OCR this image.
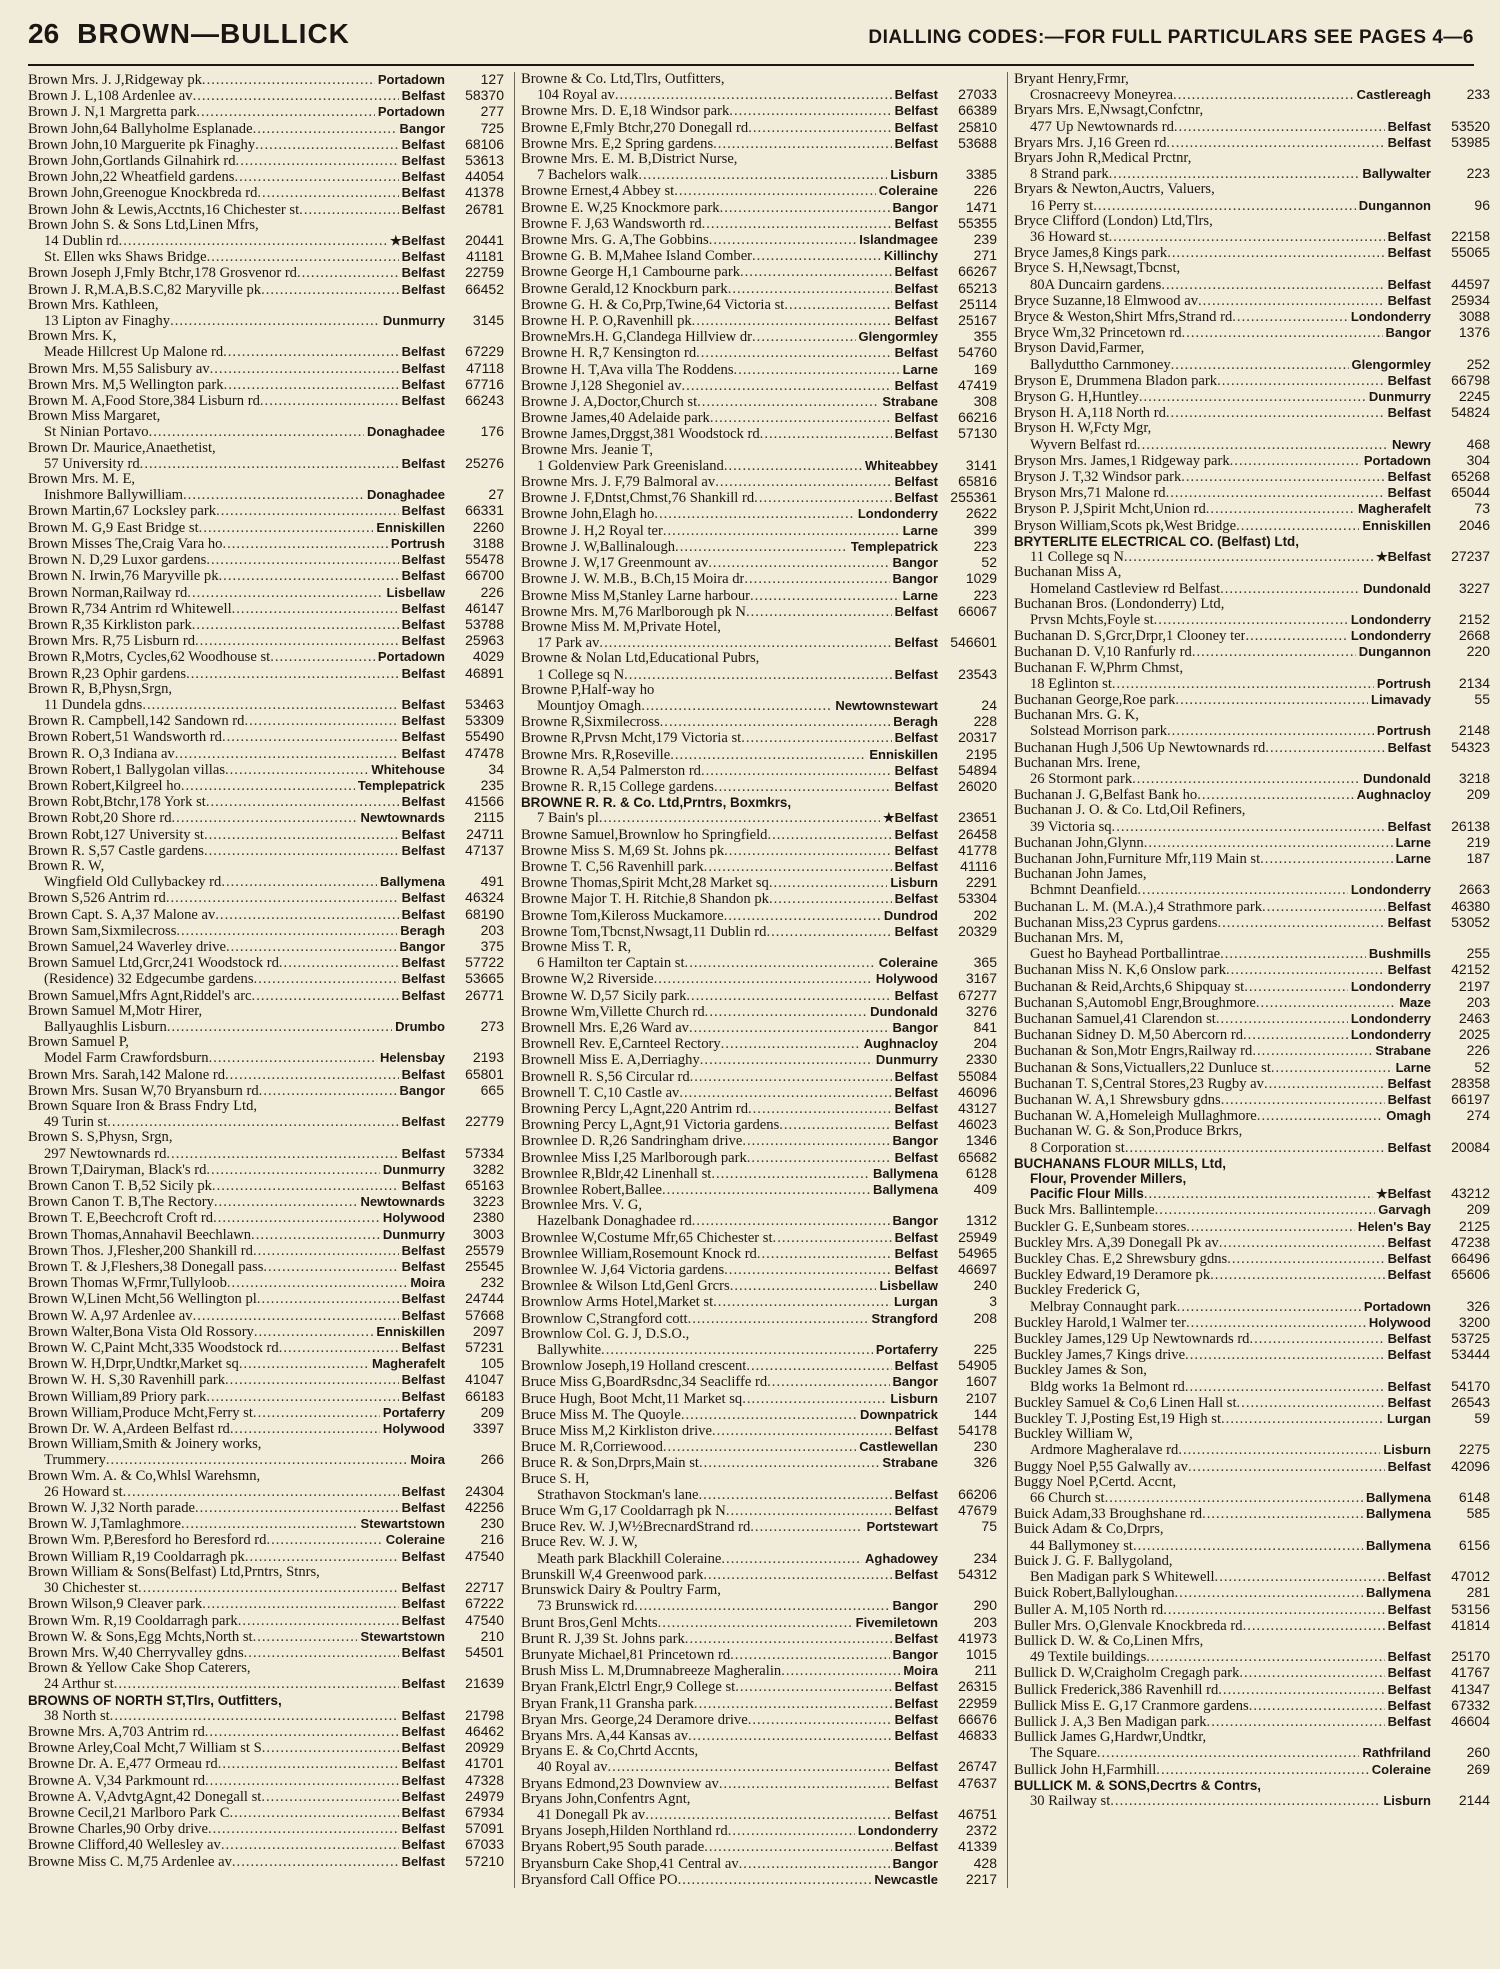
26 BROWN—BULLICK	DIALLING CODES:—FOR FULL PARTICULARS SEE PAGES 4—6
Brown Mrs. J. J,Ridgeway pk .....	Portadown	127
Brown J. L,108 Ardenlee av .....	Belfast	58370
Brown J. N,1 Margretta park .....	Portadown	277
Brown John,64 Ballyholme Esplanade .....	Bangor	725
Brown John,10 Marguerite pk Finaghy .....	Belfast	68106
Brown John,Gortlands Gilnahirk rd .....	Belfast	53613
Brown John,22 Wheatfield gardens .....	Belfast	44054
Brown John,Greenogue Knockbreda rd .....	Belfast	41378
Brown John & Lewis,Acctnts,16 Chichester st .....	Belfast	26781
Brown John S. & Sons Ltd,Linen Mfrs,
14 Dublin rd .....	★ Belfast	20441
St. Ellen wks Shaws Bridge .....	Belfast	41181
Brown Joseph J,Fmly Btchr,178 Grosvenor rd .....	Belfast	22759
Brown J. R,M.A,B.S.C,82 Maryville pk .....	Belfast	66452
Brown Mrs. Kathleen,
13 Lipton av Finaghy .....	Dunmurry	3145
Brown Mrs. K,
Meade Hillcrest Up Malone rd .....	Belfast	67229
Brown Mrs. M,55 Salisbury av .....	Belfast	47118
Brown Mrs. M,5 Wellington park .....	Belfast	67716
Brown M. A,Food Store,384 Lisburn rd .....	Belfast	66243
Brown Miss Margaret,
St Ninian Portavo .....	Donaghadee	176
Brown Dr. Maurice,Anaethetist,
57 University rd .....	Belfast	25276
Brown Mrs. M. E,
Inishmore Ballywilliam .....	Donaghadee	27
Brown Martin,67 Locksley park .....	Belfast	66331
Brown M. G,9 East Bridge st .....	Enniskillen	2260
Brown Misses The,Craig Vara ho .....	Portrush	3188
Brown N. D,29 Luxor gardens .....	Belfast	55478
Brown N. Irwin,76 Maryville pk .....	Belfast	66700
Brown Norman,Railway rd .....	Lisbellaw	226
Brown R,734 Antrim rd Whitewell .....	Belfast	46147
Brown R,35 Kirkliston park .....	Belfast	53788
Brown Mrs. R,75 Lisburn rd .....	Belfast	25963
Brown R,Motrs, Cycles,62 Woodhouse st .....	Portadown	4029
Brown R,23 Ophir gardens .....	Belfast	46891
Brown R, B,Physn,Srgn,
11 Dundela gdns .....	Belfast	53463
Brown R. Campbell,142 Sandown rd .....	Belfast	53309
Brown Robert,51 Wandsworth rd .....	Belfast	55490
Brown R. O,3 Indiana av .....	Belfast	47478
Brown Robert,1 Ballygolan villas .....	Whitehouse	34
Brown Robert,Kilgreel ho .....	Templepatrick	235
Brown Robt,Btchr,178 York st .....	Belfast	41566
Brown Robt,20 Shore rd .....	Newtownards	2115
Brown Robt,127 University st .....	Belfast	24711
Brown R. S,57 Castle gardens .....	Belfast	47137
Brown R. W,
Wingfield Old Cullybackey rd .....	Ballymena	491
Brown S,526 Antrim rd .....	Belfast	46324
Brown Capt. S. A,37 Malone av .....	Belfast	68190
Brown Sam,Sixmilecross .....	Beragh	203
Brown Samuel,24 Waverley drive .....	Bangor	375
Brown Samuel Ltd,Grcr,241 Woodstock rd .....	Belfast	57722
(Residence) 32 Edgecumbe gardens .....	Belfast	53665
Brown Samuel,Mfrs Agnt,Riddel's arc .....	Belfast	26771
Brown Samuel M,Motr Hirer,
Ballyaughlis Lisburn .....	Drumbo	273
Brown Samuel P,
Model Farm Crawfordsburn .....	Helensbay	2193
Brown Mrs. Sarah,142 Malone rd .....	Belfast	65801
Brown Mrs. Susan W,70 Bryansburn rd .....	Bangor	665
Brown Square Iron & Brass Fndry Ltd,
49 Turin st .....	Belfast	22779
Brown S. S,Physn, Srgn,
297 Newtownards rd .....	Belfast	57334
Brown T,Dairyman, Black's rd .....	Dunmurry	3282
Brown Canon T. B,52 Sicily pk .....	Belfast	65163
Brown Canon T. B,The Rectory .....	Newtownards	3223
Brown T. E,Beechcroft Croft rd .....	Holywood	2380
Brown Thomas,Annahavil Beechlawn .....	Dunmurry	3003
Brown Thos. J,Flesher,200 Shankill rd .....	Belfast	25579
Brown T. & J,Fleshers,38 Donegall pass .....	Belfast	25545
Brown Thomas W,Frmr,Tullyloob .....	Moira	232
Brown W,Linen Mcht,56 Wellington pl .....	Belfast	24744
Brown W. A,97 Ardenlee av .....	Belfast	57668
Brown Walter,Bona Vista Old Rossory .....	Enniskillen	2097
Brown W. C,Paint Mcht,335 Woodstock rd .....	Belfast	57231
Brown W. H,Drpr,Undtkr,Market sq .....	Magherafelt	105
Brown W. H. S,30 Ravenhill park .....	Belfast	41047
Brown William,89 Priory park .....	Belfast	66183
Brown William,Produce Mcht,Ferry st .....	Portaferry	209
Brown Dr. W. A,Ardeen Belfast rd .....	Holywood	3397
Brown William,Smith & Joinery works,
Trummery .....	Moira	266
Brown Wm. A. & Co,Whlsl Warehsmn,
26 Howard st .....	Belfast	24304
Brown W. J,32 North parade .....	Belfast	42256
Brown W. J,Tamlaghmore .....	Stewartstown	230
Brown Wm. P,Beresford ho Beresford rd .....	Coleraine	216
Brown William R,19 Cooldarragh pk .....	Belfast	47540
Brown William & Sons(Belfast) Ltd,Prntrs, Stnrs,
30 Chichester st .....	Belfast	22717
Brown Wilson,9 Cleaver park .....	Belfast	67222
Brown Wm. R,19 Cooldarragh park .....	Belfast	47540
Brown W. & Sons,Egg Mchts,North st .....	Stewartstown	210
Brown Mrs. W,40 Cherryvalley gdns .....	Belfast	54501
Brown & Yellow Cake Shop Caterers,
24 Arthur st .....	Belfast	21639
BROWNS OF NORTH ST,Tlrs, Outfitters,
38 North st .....	Belfast	21798
Browne Mrs. A,703 Antrim rd .....	Belfast	46462
Browne Arley,Coal Mcht,7 William st S .....	Belfast	20929
Browne Dr. A. E,477 Ormeau rd .....	Belfast	41701
Browne A. V,34 Parkmount rd .....	Belfast	47328
Browne A. V,AdvtgAgnt,42 Donegall st .....	Belfast	24979
Browne Cecil,21 Marlboro Park C .....	Belfast	67934
Browne Charles,90 Orby drive .....	Belfast	57091
Browne Clifford,40 Wellesley av .....	Belfast	67033
Browne Miss C. M,75 Ardenlee av .....	Belfast	57210
Browne & Co. Ltd,Tlrs, Outfitters,
104 Royal av .....	Belfast	27033
Browne Mrs. D. E,18 Windsor park .....	Belfast	66389
Browne E,Fmly Btchr,270 Donegall rd .....	Belfast	25810
Browne Mrs. E,2 Spring gardens .....	Belfast	53688
Browne Mrs. E. M. B,District Nurse,
7 Bachelors walk .....	Lisburn	3385
Browne Ernest,4 Abbey st .....	Coleraine	226
Browne E. W,25 Knockmore park .....	Bangor	1471
Browne F. J,63 Wandsworth rd .....	Belfast	55355
Browne Mrs. G. A,The Gobbins .....	Islandmagee	239
Browne G. B. M,Mahee Island Comber .....	Killinchy	271
Browne George H,1 Cambourne park .....	Belfast	66267
Browne Gerald,12 Knockburn park .....	Belfast	65213
Browne G. H. & Co,Prp,Twine,64 Victoria st .....	Belfast	25114
Browne H. P. O,Ravenhill pk .....	Belfast	25167
BrowneMrs.H. G,Clandega Hillview dr .....	Glengormley	355
Browne H. R,7 Kensington rd .....	Belfast	54760
Browne H. T,Ava villa The Roddens .....	Larne	169
Browne J,128 Shegoniel av .....	Belfast	47419
Browne J. A,Doctor,Church st .....	Strabane	308
Browne James,40 Adelaide park .....	Belfast	66216
Browne James,Drggst,381 Woodstock rd .....	Belfast	57130
Browne Mrs. Jeanie T,
1 Goldenview Park Greenisland .....	Whiteabbey	3141
Browne Mrs. J. F,79 Balmoral av .....	Belfast	65816
Browne J. F,Dntst,Chmst,76 Shankill rd .....	Belfast 255361
Browne John,Elagh ho .....	Londonderry	2622
Browne J. H,2 Royal ter .....	Larne	399
Browne J. W,Ballinalough .....	Templepatrick	223
Browne J. W,17 Greenmount av .....	Bangor	52
Browne J. W. M.B., B.Ch,15 Moira dr .....	Bangor	1029
Browne Miss M,Stanley Larne harbour .....	Larne	223
Browne Mrs. M,76 Marlborough pk N .....	Belfast	66067
Browne Miss M. M,Private Hotel,
17 Park av .....	Belfast 546601
Browne & Nolan Ltd,Educational Pubrs,
1 College sq N .....	Belfast	23543
Browne P,Half-way ho
Mountjoy Omagh .....	Newtownstewart	24
Browne R,Sixmilecross .....	Beragh	228
Browne R,Prvsn Mcht,179 Victoria st .....	Belfast	20317
Browne Mrs. R,Roseville .....	Enniskillen	2195
Browne R. A,54 Palmerston rd .....	Belfast	54894
Browne R. R,15 College gardens .....	Belfast	26020
BROWNE R. R. & Co. Ltd,Prntrs, Boxmkrs,
7 Bain's pl .....	★ Belfast	23651
Browne Samuel,Brownlow ho Springfield .....	Belfast	26458
Browne Miss S. M,69 St. Johns pk .....	Belfast	41778
Browne T. C,56 Ravenhill park .....	Belfast	41116
Browne Thomas,Spirit Mcht,28 Market sq .....	Lisburn	2291
Browne Major T. H. Ritchie,8 Shandon pk .....	Belfast	53304
Browne Tom,Kileross Muckamore .....	Dundrod	202
Browne Tom,Tbcnst,Nwsagt,11 Dublin rd .....	Belfast	20329
Browne Miss T. R,
6 Hamilton ter Captain st .....	Coleraine	365
Browne W,2 Riverside .....	Holywood	3167
Browne W. D,57 Sicily park .....	Belfast	67277
Browne Wm,Villette Church rd .....	Dundonald	3276
Brownell Mrs. E,26 Ward av .....	Bangor	841
Brownell Rev. E,Carnteel Rectory .....	Aughnacloy	204
Brownell Miss E. A,Derriaghy .....	Dunmurry	2330
Brownell R. S,56 Circular rd .....	Belfast	55084
Brownell T. C,10 Castle av .....	Belfast	46096
Browning Percy L,Agnt,220 Antrim rd .....	Belfast	43127
Browning Percy L,Agnt,91 Victoria gardens .....	Belfast	46023
Brownlee D. R,26 Sandringham drive .....	Bangor	1346
Brownlee Miss I,25 Marlborough park .....	Belfast	65682
Brownlee R,Bldr,42 Linenhall st .....	Ballymena	6128
Brownlee Robert,Ballee .....	Ballymena	409
Brownlee Mrs. V. G,
Hazelbank Donaghadee rd .....	Bangor	1312
Brownlee W,Costume Mfr,65 Chichester st .....	Belfast	25949
Brownlee William,Rosemount Knock rd .....	Belfast	54965
Brownlee W. J,64 Victoria gardens .....	Belfast	46697
Brownlee & Wilson Ltd,Genl Grcrs .....	Lisbellaw	240
Brownlow Arms Hotel,Market st .....	Lurgan	3
Brownlow C,Strangford cott .....	Strangford	208
Brownlow Col. G. J, D.S.O.,
Ballywhite .....	Portaferry	225
Brownlow Joseph,19 Holland crescent .....	Belfast	54905
Bruce Miss G,BoardRsdnc,34 Seacliffe rd .....	Bangor	1607
Bruce Hugh, Boot Mcht,11 Market sq .....	Lisburn	2107
Bruce Miss M. The Quoyle .....	Downpatrick	144
Bruce Miss M,2 Kirkliston drive .....	Belfast	54178
Bruce M. R,Corriewood .....	Castlewellan	230
Bruce R. & Son,Drprs,Main st .....	Strabane	326
Bruce S. H,
Strathavon Stockman's lane .....	Belfast	66206
Bruce Wm G,17 Cooldarragh pk N .....	Belfast	47679
Bruce Rev. W. J,W½BrecnardStrand rd .....	Portstewart	75
Bruce Rev. W. J. W,
Meath park Blackhill Coleraine .....	Aghadowey	234
Brunskill W,4 Greenwood park .....	Belfast	54312
Brunswick Dairy & Poultry Farm,
73 Brunswick rd .....	Bangor	290
Brunt Bros,Genl Mchts .....	Fivemiletown	203
Brunt R. J,39 St. Johns park .....	Belfast	41973
Brunyate Michael,81 Princetown rd .....	Bangor	1015
Brush Miss L. M,Drumnabreeze Magheralin .....	Moira	211
Bryan Frank,Elctrl Engr,9 College st .....	Belfast	26315
Bryan Frank,11 Gransha park .....	Belfast	22959
Bryan Mrs. George,24 Deramore drive .....	Belfast	66676
Bryans Mrs. A,44 Kansas av .....	Belfast	46833
Bryans E. & Co,Chrtd Accnts,
40 Royal av .....	Belfast	26747
Bryans Edmond,23 Downview av .....	Belfast	47637
Bryans John,Confentrs Agnt,
41 Donegall Pk av .....	Belfast	46751
Bryans Joseph,Hilden Northland rd .....	Londonderry	2372
Bryans Robert,95 South parade .....	Belfast	41339
Bryansburn Cake Shop,41 Central av .....	Bangor	428
Bryansford Call Office PO .....	Newcastle	2217
Bryant Henry,Frmr,
Crosnacreevy Moneyrea .....	Castlereagh	233
Bryars Mrs. E,Nwsagt,Confctnr,
477 Up Newtownards rd .....	Belfast	53520
Bryars Mrs. J,16 Green rd .....	Belfast	53985
Bryars John R,Medical Prctnr,
8 Strand park .....	Ballywalter	223
Bryars & Newton,Auctrs, Valuers,
16 Perry st .....	Dungannon	96
Bryce Clifford (London) Ltd,Tlrs,
36 Howard st .....	Belfast	22158
Bryce James,8 Kings park .....	Belfast	55065
Bryce S. H,Newsagt,Tbcnst,
80A Duncairn gardens .....	Belfast	44597
Bryce Suzanne,18 Elmwood av .....	Belfast	25934
Bryce & Weston,Shirt Mfrs,Strand rd .....	Londonderry	3088
Bryce Wm,32 Princetown rd .....	Bangor	1376
Bryson David,Farmer,
Ballyduttho Carnmoney .....	Glengormley	252
Bryson E, Drummena Bladon park .....	Belfast	66798
Bryson G. H,Huntley .....	Dunmurry	2245
Bryson H. A,118 North rd .....	Belfast	54824
Bryson H. W,Fcty Mgr,
Wyvern Belfast rd .....	Newry	468
Bryson Mrs. James,1 Ridgeway park .....	Portadown	304
Bryson J. T,32 Windsor park .....	Belfast	65268
Bryson Mrs,71 Malone rd .....	Belfast	65044
Bryson P. J,Spirit Mcht,Union rd .....	Magherafelt	73
Bryson William,Scots pk,West Bridge .....	Enniskillen	2046
BRYTERLITE ELECTRICAL CO. (Belfast) Ltd,
11 College sq N .....	★ Belfast	27237
Buchanan Miss A,
Homeland Castleview rd Belfast .....	Dundonald	3227
Buchanan Bros. (Londonderry) Ltd,
Prvsn Mchts,Foyle st .....	Londonderry	2152
Buchanan D. S,Grcr,Drpr,1 Clooney ter .....	Londonderry	2668
Buchanan D. V,10 Ranfurly rd .....	Dungannon	220
Buchanan F. W,Phrm Chmst,
18 Eglinton st .....	Portrush	2134
Buchanan George,Roe park .....	Limavady	55
Buchanan Mrs. G. K,
Solstead Morrison park .....	Portrush	2148
Buchanan Hugh J,506 Up Newtownards rd .....	Belfast	54323
Buchanan Mrs. Irene,
26 Stormont park .....	Dundonald	3218
Buchanan J. G,Belfast Bank ho .....	Aughnacloy	209
Buchanan J. O. & Co. Ltd,Oil Refiners,
39 Victoria sq .....	Belfast	26138
Buchanan John,Glynn .....	Larne	219
Buchanan John,Furniture Mfr,119 Main st .....	Larne	187
Buchanan John James,
Bchmnt Deanfield .....	Londonderry	2663
Buchanan L. M. (M.A.),4 Strathmore park .....	Belfast	46380
Buchanan Miss,23 Cyprus gardens .....	Belfast	53052
Buchanan Mrs. M,
Guest ho Bayhead Portballintrae .....	Bushmills	255
Buchanan Miss N. K,6 Onslow park .....	Belfast	42152
Buchanan & Reid,Archts,6 Shipquay st .....	Londonderry	2197
Buchanan S,Automobl Engr,Broughmore .....	Maze	203
Buchanan Samuel,41 Clarendon st .....	Londonderry	2463
Buchanan Sidney D. M,50 Abercorn rd .....	Londonderry	2025
Buchanan & Son,Motr Engrs,Railway rd .....	Strabane	226
Buchanan & Sons,Victuallers,22 Dunluce st .....	Larne	52
Buchanan T. S,Central Stores,23 Rugby av .....	Belfast	28358
Buchanan W. A,1 Shrewsbury gdns .....	Belfast	66197
Buchanan W. A,Homeleigh Mullaghmore .....	Omagh	274
Buchanan W. G. & Son,Produce Brkrs,
8 Corporation st .....	Belfast	20084
BUCHANANS FLOUR MILLS, Ltd,
Flour, Provender Millers,
Pacific Flour Mills .....	★ Belfast	43212
Buck Mrs. Ballintemple .....	Garvagh	209
Buckler G. E,Sunbeam stores .....	Helen's Bay	2125
Buckley Mrs. A,39 Donegall Pk av .....	Belfast	47238
Buckley Chas. E,2 Shrewsbury gdns .....	Belfast	66496
Buckley Edward,19 Deramore pk .....	Belfast	65606
Buckley Frederick G,
Melbray Connaught park .....	Portadown	326
Buckley Harold,1 Walmer ter .....	Holywood	3200
Buckley James,129 Up Newtownards rd .....	Belfast	53725
Buckley James,7 Kings drive .....	Belfast	53444
Buckley James & Son,
Bldg works 1a Belmont rd .....	Belfast	54170
Buckley Samuel & Co,6 Linen Hall st .....	Belfast	26543
Buckley T. J,Posting Est,19 High st .....	Lurgan	59
Buckley William W,
Ardmore Magheralave rd .....	Lisburn	2275
Buggy Noel P,55 Galwally av .....	Belfast	42096
Buggy Noel P,Certd. Accnt,
66 Church st .....	Ballymena	6148
Buick Adam,33 Broughshane rd .....	Ballymena	585
Buick Adam & Co,Drprs,
44 Ballymoney st .....	Ballymena	6156
Buick J. G. F. Ballygoland,
Ben Madigan park S Whitewell .....	Belfast	47012
Buick Robert,Ballyloughan .....	Ballymena	281
Buller A. M,105 North rd .....	Belfast	53156
Buller Mrs. O,Glenvale Knockbreda rd .....	Belfast	41814
Bullick D. W. & Co,Linen Mfrs,
49 Textile buildings .....	Belfast	25170
Bullick D. W,Craigholm Cregagh park .....	Belfast	41767
Bullick Frederick,386 Ravenhill rd .....	Belfast	41347
Bullick Miss E. G,17 Cranmore gardens .....	Belfast	67332
Bullick J. A,3 Ben Madigan park .....	Belfast	46604
Bullick James G,Hardwr,Undtkr,
The Square .....	Rathfriland	260
Bullick John H,Farmhill .....	Coleraine	269
BULLICK M. & SONS,Decrtrs & Contrs,
30 Railway st .....	Lisburn	2144
